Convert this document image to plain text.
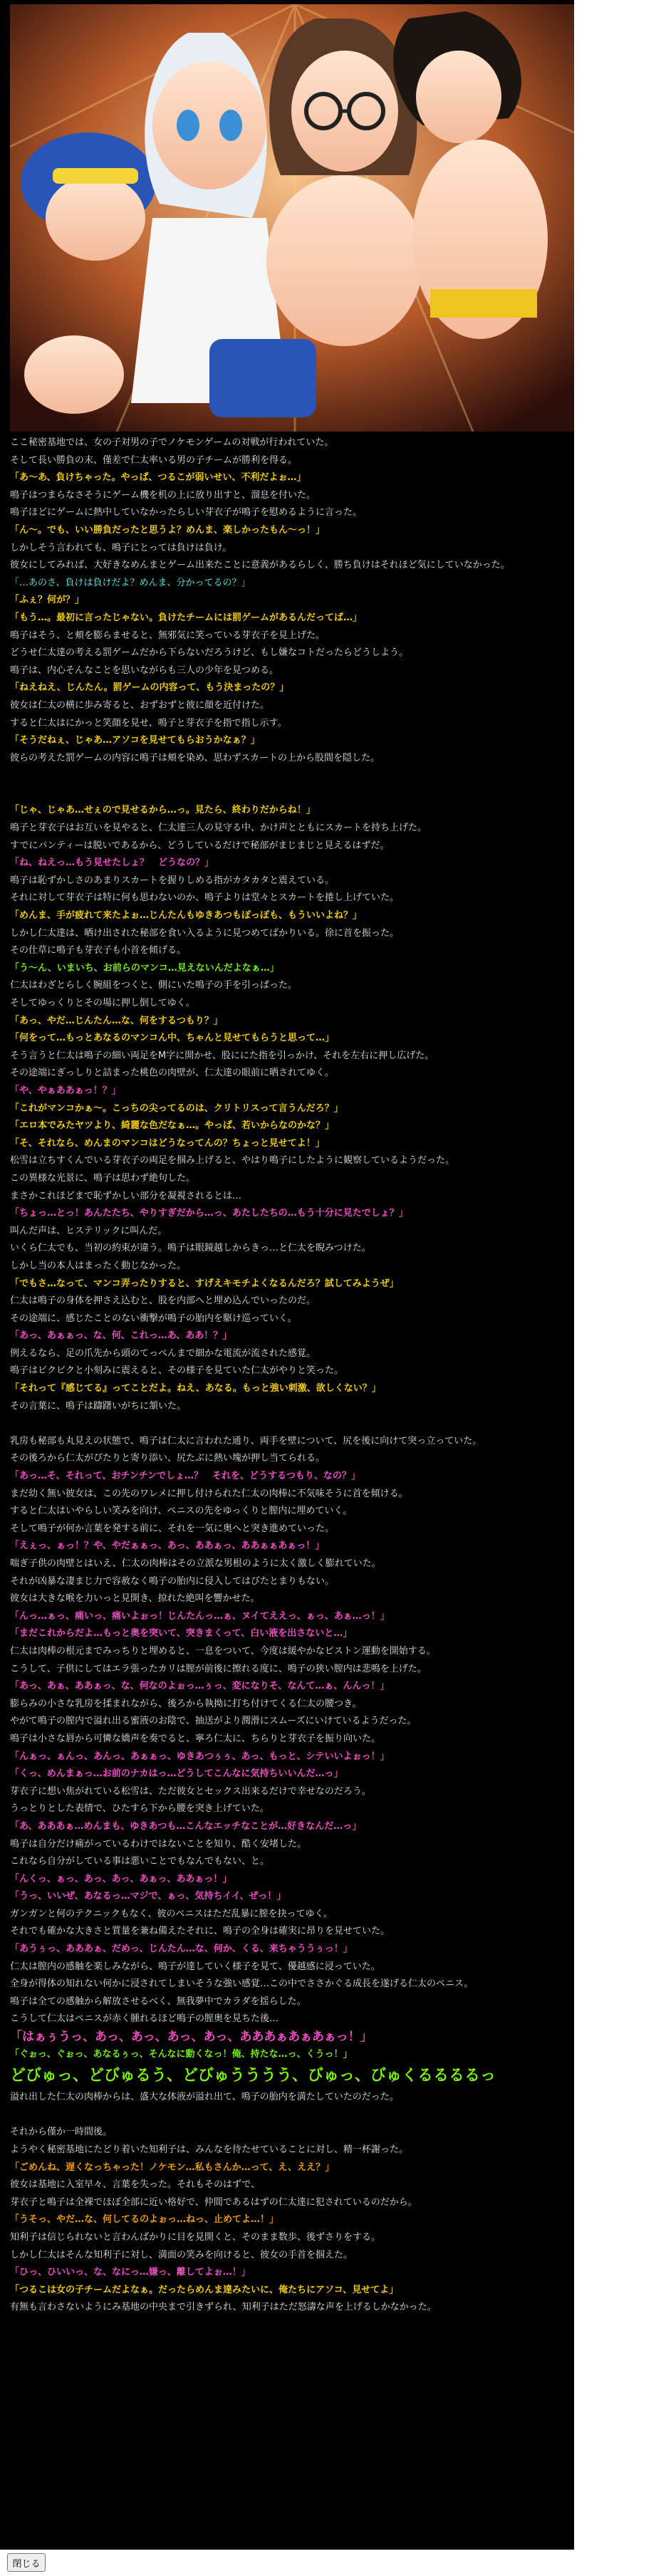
ここ秘密基地では、女の子対男の子でノケモンゲームの対戦が行われていた。
そして長い勝負の末、僅差で仁太率いる男の子チームが勝利を得る。
「あ～あ、負けちゃった。やっぱ、つるこが弱いせい、不利だよぉ…」
鳴子はつまらなさそうにゲーム機を机の上に放り出すと、溜息を付いた。
鳴子ほどにゲームに熱中していなかったらしい芽衣子が鳴子を慰めるように言った。
「ん～。でも、いい勝負だったと思うよ？めんま、楽しかったもん～っ！」
しかしそう言われても、鳴子にとっては負けは負け。
彼女にしてみれば、大好きなめんまとゲーム出来たことに意義があるらしく、勝ち負けはそれほど気にしていなかった。
「…あのさ、負けは負けだよ？めんま、分かってるの？」
「ふぇ？何が？」
「もう…。最初に言ったじゃない。負けたチームには罰ゲームがあるんだってば…」
鳴子はそう、と頬を膨らませると、無邪気に笑っている芽衣子を見上げた。
どうせ仁太達の考える罰ゲームだから下らないだろうけど、もし嫌なコトだったらどうしよう。
鳴子は、内心そんなことを思いながらも三人の少年を見つめる。
「ねえねえ、じんたん。罰ゲームの内容って、もう決まったの？」
彼女は仁太の横に歩み寄ると、おずおずと彼に顔を近付けた。
すると仁太はにかっと笑顔を見せ、鳴子と芽衣子を指で指し示す。
「そうだねぇ、じゃあ…アソコを見せてもらおうかなぁ？」
彼らの考えた罰ゲームの内容に鳴子は頬を染め、思わずスカートの上から股間を隠した。
「じゃ、じゃあ…せぇので見せるから…っ。見たら、終わりだからね！」
鳴子と芽衣子はお互いを見やると、仁太達三人の見守る中、かけ声とともにスカートを持ち上げた。
すでにパンティーは脱いであるから、どうしているだけで秘部がまじまじと見えるはずだ。
「ね、ねえっ…もう見せたしょ？　どうなの？」
鳴子は恥ずかしさのあまりスカートを握りしめる指がカタカタと震えている。
それに対して芽衣子は特に何も思わないのか、鳴子よりは堂々とスカートを捲し上げていた。
「めんま、手が疲れて来たよぉ…じんたんもゆきあつもぽっぽも、もういいよね？」
しかし仁太達は、晒け出された秘部を食い入るように見つめてばかりいる。徐に首を振った。
その仕草に鳴子も芽衣子も小首を傾げる。
「う～ん、いまいち、お前らのマンコ…見えないんだよなぁ…」
仁太はわざとらしく腕組をつくと、側にいた鳴子の手を引っぱった。
そしてゆっくりとその場に押し倒してゆく。
「あっ、やだ…じんたん…な、何をするつもり？」
「何をって…もっとあなるのマンコん中、ちゃんと見せてもらうと思って…」
そう言うと仁太は鳴子の細い両足をM字に開かせ、股ににた指を引っかけ、それを左右に押し広げた。
その途端にぎっしりと詰まった桃色の肉壁が、仁太達の眼前に晒されてゆく。
「や、やぁああぁっ！？」
「これがマンコかぁ～。こっちの尖ってるのは、クリトリスって言うんだろ？」
「エロ本でみたヤツより、綺麗な色だなぁ…。やっぱ、若いからなのかな？」
「そ、それなら、めんまのマンコはどうなってんの？ちょっと見せてよ！」
松雪は立ちすくんでいる芽衣子の両足を掴み上げると、やはり鳴子にしたように観察しているようだった。
この異様な光景に、鳴子は思わず絶句した。
まさかこれほどまで恥ずかしい部分を凝視されるとは…
「ちょっ…とっ！あんたたち、やりすぎだから…っ、あたしたちの…もう十分に見たでしょ？」
叫んだ声は、ヒステリックに叫んだ。
いくら仁太でも、当初の約束が違う。鳴子は眼鏡越しからきっ…と仁太を睨みつけた。
しかし当の本人はまったく動じなかった。
「でもさ…なって、マンコ弄ったりすると、すげえキモチよくなるんだろ？試してみようぜ」
仁太は鳴子の身体を押さえ込むと、股を内部へと埋め込んでいったのだ。
その途端に、感じたことのない衝撃が鳴子の胎内を駆け巡っていく。
「あっ、あぁぁっ、な、何、これっ…あ、ああ！？」
例えるなら、足の爪先から頭のてっぺんまで細かな電流が流された感覚。
鳴子はビクビクと小刻みに震えると、その様子を見ていた仁太がやりと笑った。
「それって『感じてる』ってことだよ。ねえ、あなる。もっと強い刺激、欲しくない？」
その言葉に、鳴子は躊躇いがちに頷いた。
乳房も秘部も丸見えの状態で、鳴子は仁太に言われた通り、両手を壁について、尻を後に向けて突っ立っていた。
その後ろから仁太がぴたりと寄り添い、尻たぶに熱い塊が押し当てられる。
「あっ…そ、それって、おチンチンでしょ…？　それを、どうするつもり、なの？」
まだ幼く無い彼女は、この先のワレメに押し付けられた仁太の肉棒に不気味そうに首を傾ける。
すると仁太はいやらしい笑みを向け、ペニスの先をゆっくりと膣内に埋めていく。
そして鳴子が何か言葉を発する前に、それを一気に奥へと突き進めていった。
「えぇっ、ぁっ！？や、やだぁぁっ、あっ、ああぁっ、ああぁぁあぁっ！」
喘ぎ子供の肉壁とはいえ、仁太の肉棒はその立派な男根のように太く激しく膨れていた。
それが凶暴な凄まじ力で容赦なく鳴子の胎内に侵入してはびたとまりもない。
彼女は大きな喉を力いっと見開き、掠れた絶叫を響かせた。
「んっ…ぁっ、痛いっ、痛いよぉっ！じんたんっ…ぁ、ヌイてええっ、ぁっ、あぁ…っ！」
「まだこれからだよ…もっと奥を突いて、突きまくって、白い液を出さないと…」
仁太は肉棒の根元までみっちりと埋めると、一息をついて、今度は緩やかなピストン運動を開始する。
こうして、子供にしてはエラ張ったカリは膣が前後に擦れる度に、鳴子の狭い膣内は悲鳴を上げた。
「あっ、あぁ、ああぁっ、な、何なのよぉっ…ぅっ、変になりそ、なんて…ぁ、んんっ！」
膨らみの小さな乳房を揉まれながら、後ろから執拗に打ち付けてくる仁太の腰つき。
やがて鳴子の膣内で溢れ出る蜜液のお陰で、抽送がより潤滑にスムーズにいけているようだった。
鳴子は小さな唇から可憐な嬌声を奏でると、寧ろ仁太に、ちらりと芽衣子を振り向いた。
「んぁっ、ぁんっ、あんっ、あぁぁっ、ゆきあつぅぅ、あっ、もっと、シテいいよぉっ！」
「くっ、めんまぁっ…お前のナカはっ…どうしてこんなに気持ちいいんだ…っ」
芽衣子に想い焦がれている松雪は、ただ彼女とセックス出来るだけで幸せなのだろう。
うっとりとした表情で、ひたすら下から腰を突き上げていた。
「あ、あああぁ…めんまも、ゆきあつも…こんなエッチなことが…好きなんだ…っ」
鳴子は自分だけ痛がっているわけではないことを知り、酷く安堵した。
これなら自分がしている事は悪いことでもなんでもない、と。
「んくっ、ぁっ、あっ、あっ、あぁっ、ああぁっ！」
「うっ、いいぜ、あなるっ…マジで、ぁっ、気持ちイイ、ぜっ！」
ガンガンと何のテクニックもなく、彼のペニスはただ乱暴に膣を抉ってゆく。
それでも確かな大きさと質量を兼ね備えたそれに、鳴子の全身は確実に昂りを見せていた。
「あうぅっ、あああぁ、だめっ、じんたん…な、何か、くる、来ちゃううぅっ！」
仁太は膣内の感触を楽しみながら、鳴子が達していく様子を見て、優越感に浸っていた。
全身が得体の知れない何かに浸されてしまいそうな強い感覚…この中でささかぐる成長を遂げる仁太のペニス。
鳴子は全ての感触から解放させるべく、無我夢中でカラダを揺らした。
こうして仁太はペニスが赤く腫れるほど鳴子の膣奥を見ちた後…
「はぁぅうっ、あっ、あっ、あっ、あっ、あああぁあぁあぁっ！」
「ぐぉっ、ぐぉっ、あなるぅっ、そんなに動くなっ！俺、持たな…っ、くうっ！」
どびゅっ、どびゅるう、どびゅうううう、びゅっ、びゅくるるるるっ
溢れ出した仁太の肉棒からは、盛大な体液が溢れ出て、鳴子の胎内を満たしていたのだった。
それから僅か一時間後。
ようやく秘密基地にたどり着いた知利子は、みんなを待たせていることに対し、精一杯謝った。
「ごめんね、遅くなっちゃった！ノケモン…私もさんか…って、え、ええ？」
彼女は基地に入室早々、言葉を失った。それもそのはずで、
芽衣子と鳴子は全裸でほぼ全部に近い格好で、仲間であるはずの仁太達に犯されているのだから。
「うそっ、やだ…な、何してるのよぉっ…ねっ、止めてよ…！」
知利子は信じられないと言わんばかりに目を見開くと、そのまま数歩、後ずさりをする。
しかし仁太はそんな知利子に対し、満面の笑みを向けると、彼女の手首を掴えた。
「ひっ、ひいいっ、な、なにっ…嫌っ、離してよぉ…！」
「つるこは女の子チームだよなぁ。だったらめんま達みたいに、俺たちにアソコ、見せてよ」
有無も言わさないようにみ基地の中央まで引きずられ、知利子はただ怒濤な声を上げるしかなかった。
閉じる
